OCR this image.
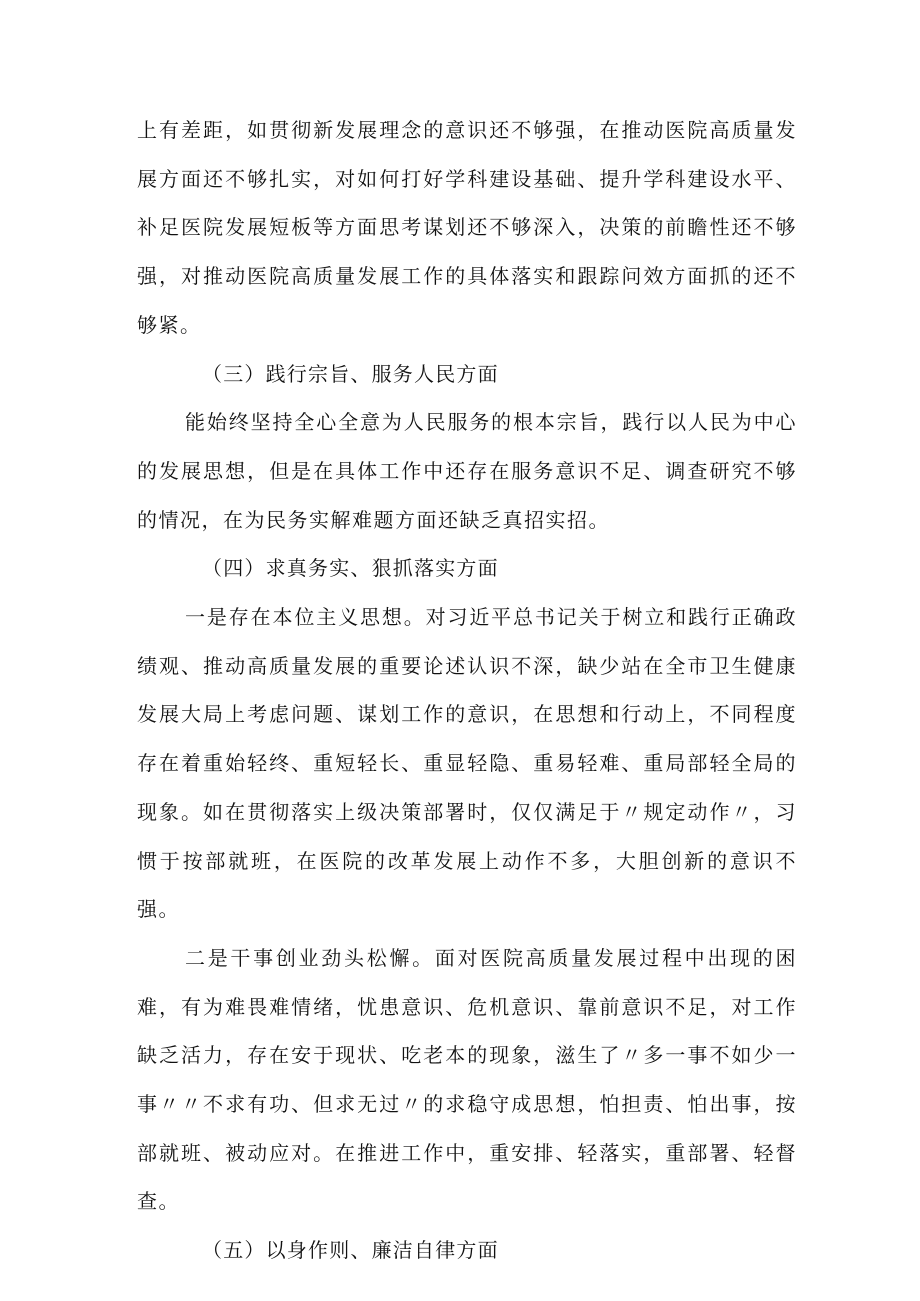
上有差距，如贯彻新发展理念的意识还不够强，在推动医院高质量发展方面还不够扎实，对如何打好学科建设基础、提升学科建设水平、补足医院发展短板等方面思考谋划还不够深入，决策的前瞻性还不够强，对推动医院高质量发展工作的具体落实和跟踪问效方面抓的还不够紧。

（三）践行宗旨、服务人民方面

能始终坚持全心全意为人民服务的根本宗旨，践行以人民为中心的发展思想，但是在具体工作中还存在服务意识不足、调查研究不够的情况，在为民务实解难题方面还缺乏真招实招。

（四）求真务实、狠抓落实方面

一是存在本位主义思想。对习近平总书记关于树立和践行正确政绩观、推动高质量发展的重要论述认识不深，缺少站在全市卫生健康发展大局上考虑问题、谋划工作的意识，在思想和行动上，不同程度存在着重始轻终、重短轻长、重显轻隐、重易轻难、重局部轻全局的现象。如在贯彻落实上级决策部署时，仅仅满足于〃规定动作〃，习惯于按部就班，在医院的改革发展上动作不多，大胆创新的意识不强。

二是干事创业劲头松懈。面对医院高质量发展过程中出现的困难，有为难畏难情绪，忧患意识、危机意识、靠前意识不足，对工作缺乏活力，存在安于现状、吃老本的现象，滋生了〃多一事不如少一事〃〃不求有功、但求无过〃的求稳守成思想，怕担责、怕出事，按部就班、被动应对。在推进工作中，重安排、轻落实，重部署、轻督查。

（五）以身作则、廉洁自律方面
